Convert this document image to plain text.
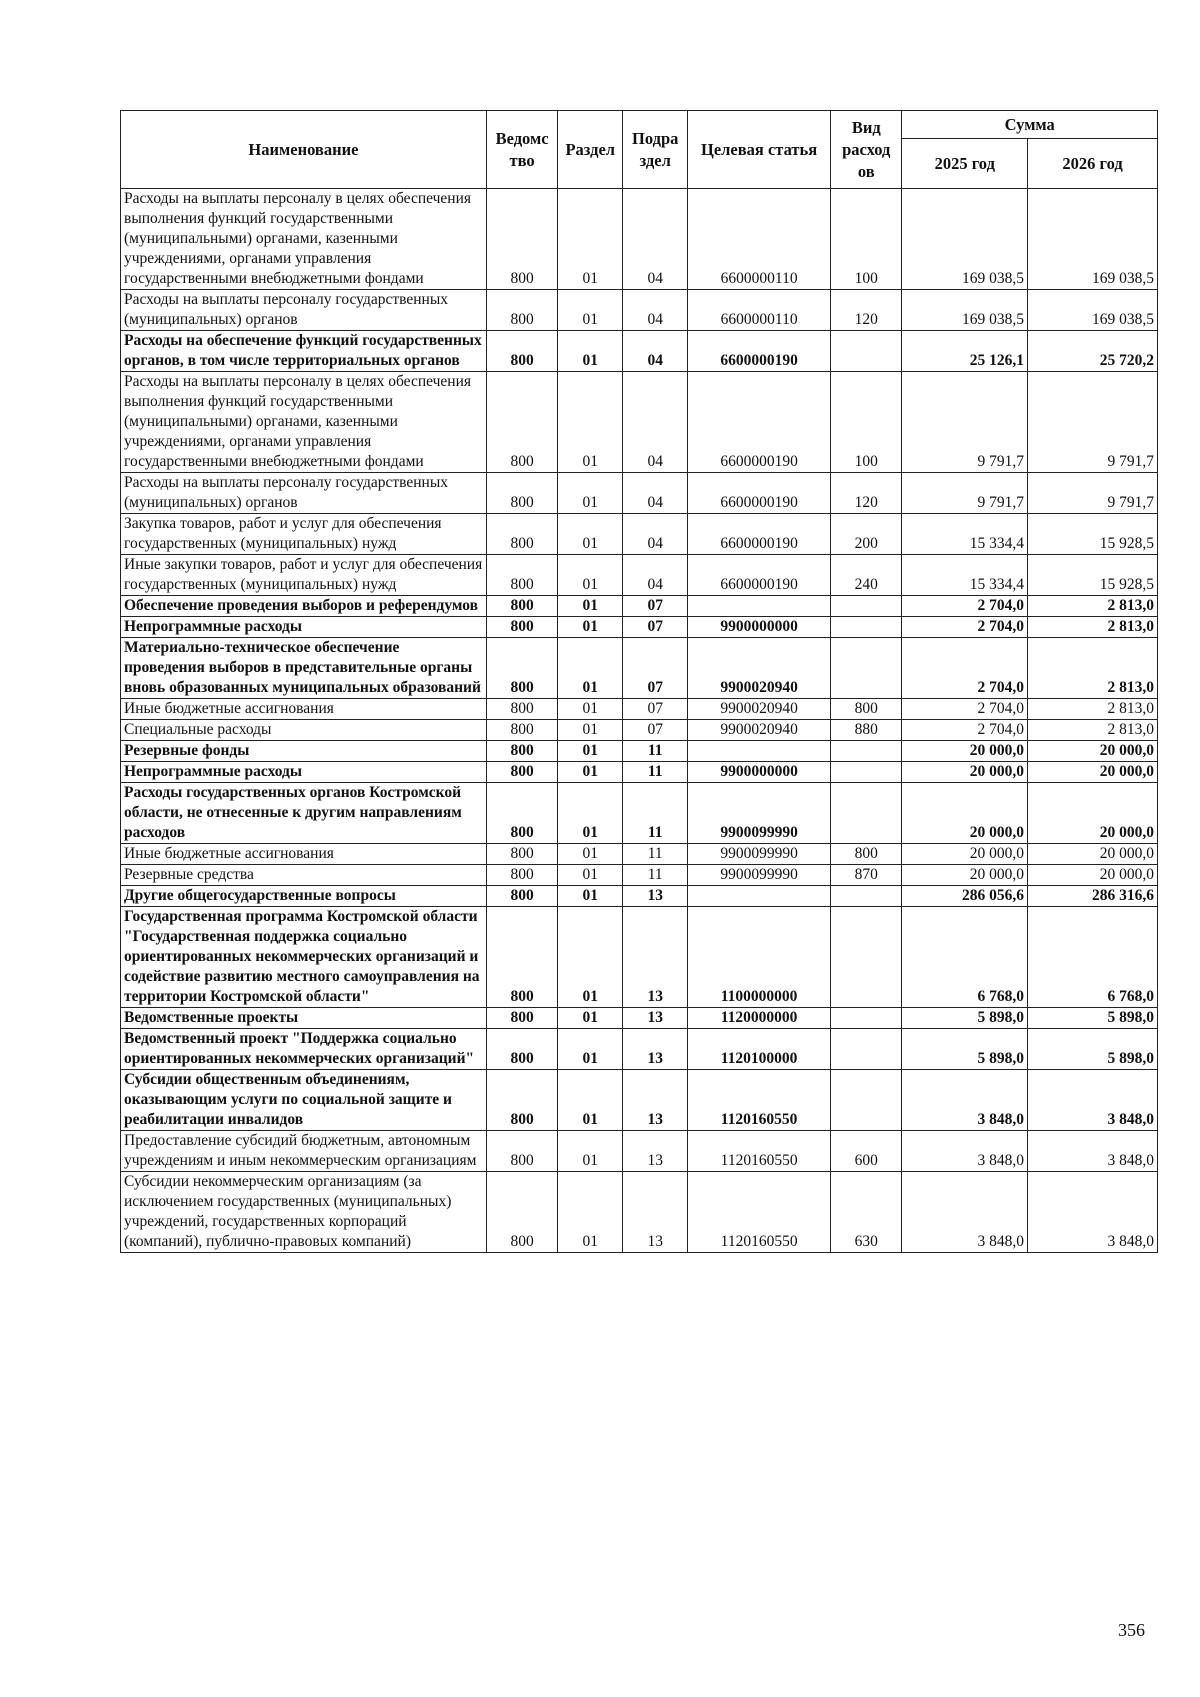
Наименование	Ведомс тво	Раздел	Подра здел	Целевая статья	Вид расход ов	Сумма	
						2025 год	2026 год
Расходы на выплаты персоналу в целях обеспечения выполнения функций государственными (муниципальными) органами, казенными учреждениями, органами управления государственными внебюджетными фондами	800	01	04	6600000110	100	169 038,5	169 038,5
Расходы на выплаты персоналу государственных (муниципальных) органов	800	01	04	6600000110	120	169 038,5	169 038,5
Расходы на обеспечение функций государственных органов, в том числе территориальных органов	800	01	04	6600000190		25 126,1	25 720,2
Расходы на выплаты персоналу в целях обеспечения выполнения функций государственными (муниципальными) органами, казенными учреждениями, органами управления государственными внебюджетными фондами	800	01	04	6600000190	100	9 791,7	9 791,7
Расходы на выплаты персоналу государственных (муниципальных) органов	800	01	04	6600000190	120	9 791,7	9 791,7
Закупка товаров, работ и услуг для обеспечения государственных (муниципальных) нужд	800	01	04	6600000190	200	15 334,4	15 928,5
Иные закупки товаров, работ и услуг для обеспечения государственных (муниципальных) нужд	800	01	04	6600000190	240	15 334,4	15 928,5
Обеспечение проведения выборов и референдумов	800	01	07			2 704,0	2 813,0
Непрограммные расходы	800	01	07	9900000000		2 704,0	2 813,0
Материально-техническое обеспечение проведения выборов в представительные органы вновь образованных муниципальных образований	800	01	07	9900020940		2 704,0	2 813,0
Иные бюджетные ассигнования	800	01	07	9900020940	800	2 704,0	2 813,0
Специальные расходы	800	01	07	9900020940	880	2 704,0	2 813,0
Резервные фонды	800	01	11			20 000,0	20 000,0
Непрограммные расходы	800	01	11	9900000000		20 000,0	20 000,0
Расходы государственных органов Костромской области, не отнесенные к другим направлениям расходов	800	01	11	9900099990		20 000,0	20 000,0
Иные бюджетные ассигнования	800	01	11	9900099990	800	20 000,0	20 000,0
Резервные средства	800	01	11	9900099990	870	20 000,0	20 000,0
Другие общегосударственные вопросы	800	01	13			286 056,6	286 316,6
Государственная программа Костромской области "Государственная поддержка социально ориентированных некоммерческих организаций и содействие развитию местного самоуправления на территории Костромской области"	800	01	13	1100000000		6 768,0	6 768,0
Ведомственные проекты	800	01	13	1120000000		5 898,0	5 898,0
Ведомственный проект "Поддержка социально ориентированных некоммерческих организаций"	800	01	13	1120100000		5 898,0	5 898,0
Субсидии общественным объединениям, оказывающим услуги по социальной защите и реабилитации инвалидов	800	01	13	1120160550		3 848,0	3 848,0
Предоставление субсидий бюджетным, автономным учреждениям и иным некоммерческим организациям	800	01	13	1120160550	600	3 848,0	3 848,0
Субсидии некоммерческим организациям (за исключением государственных (муниципальных) учреждений, государственных корпораций (компаний), публично-правовых компаний)	800	01	13	1120160550	630	3 848,0	3 848,0
356
